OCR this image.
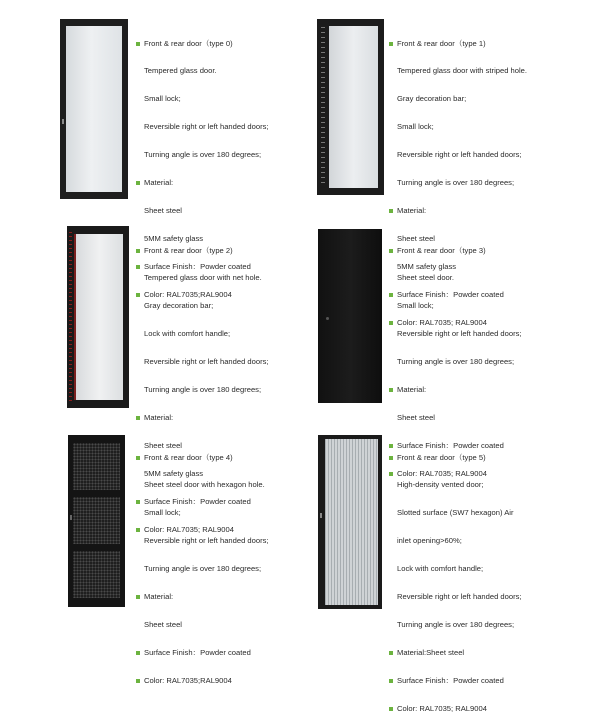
Front & rear door（type 0)

Tempered glass door.

Small lock;

Reversible right or left handed doors;

Turning angle is over 180 degrees;

Material:

Sheet steel

5MM safety glass

Surface Finish：Powder coated

Color: RAL7035;RAL9004

Front & rear door（type 1)

Tempered glass door with striped hole.

Gray decoration bar;

Small lock;

Reversible right or left handed doors;

Turning angle is over 180 degrees;

Material:

Sheet steel

5MM safety glass

Surface Finish：Powder coated

Color: RAL7035; RAL9004

Front & rear door（type 2)

Tempered glass door with net hole.

Gray decoration bar;

Lock with comfort handle;

Reversible right or left handed doors;

Turning angle is over 180 degrees;

Material:

Sheet steel

5MM safety glass

Surface Finish：Powder coated

Color: RAL7035; RAL9004

Front & rear door（type 3)

Sheet steel door.

Small lock;

Reversible right or left handed doors;

Turning angle is over 180 degrees;

Material:

Sheet steel

Surface Finish：Powder coated

Color: RAL7035; RAL9004

Front & rear door（type 4)

Sheet steel door with hexagon hole.

Small lock;

Reversible right or left handed doors;

Turning angle is over 180 degrees;

Material:

Sheet steel

Surface Finish：Powder coated

Color: RAL7035;RAL9004

Front & rear door（type 5)

High-density vented door;

Slotted surface (SW7 hexagon) Air

inlet opening>60%;

Lock with comfort handle;

Reversible right or left handed doors;

Turning angle is over 180 degrees;

Material:Sheet steel

Surface Finish：Powder coated

Color: RAL7035; RAL9004
